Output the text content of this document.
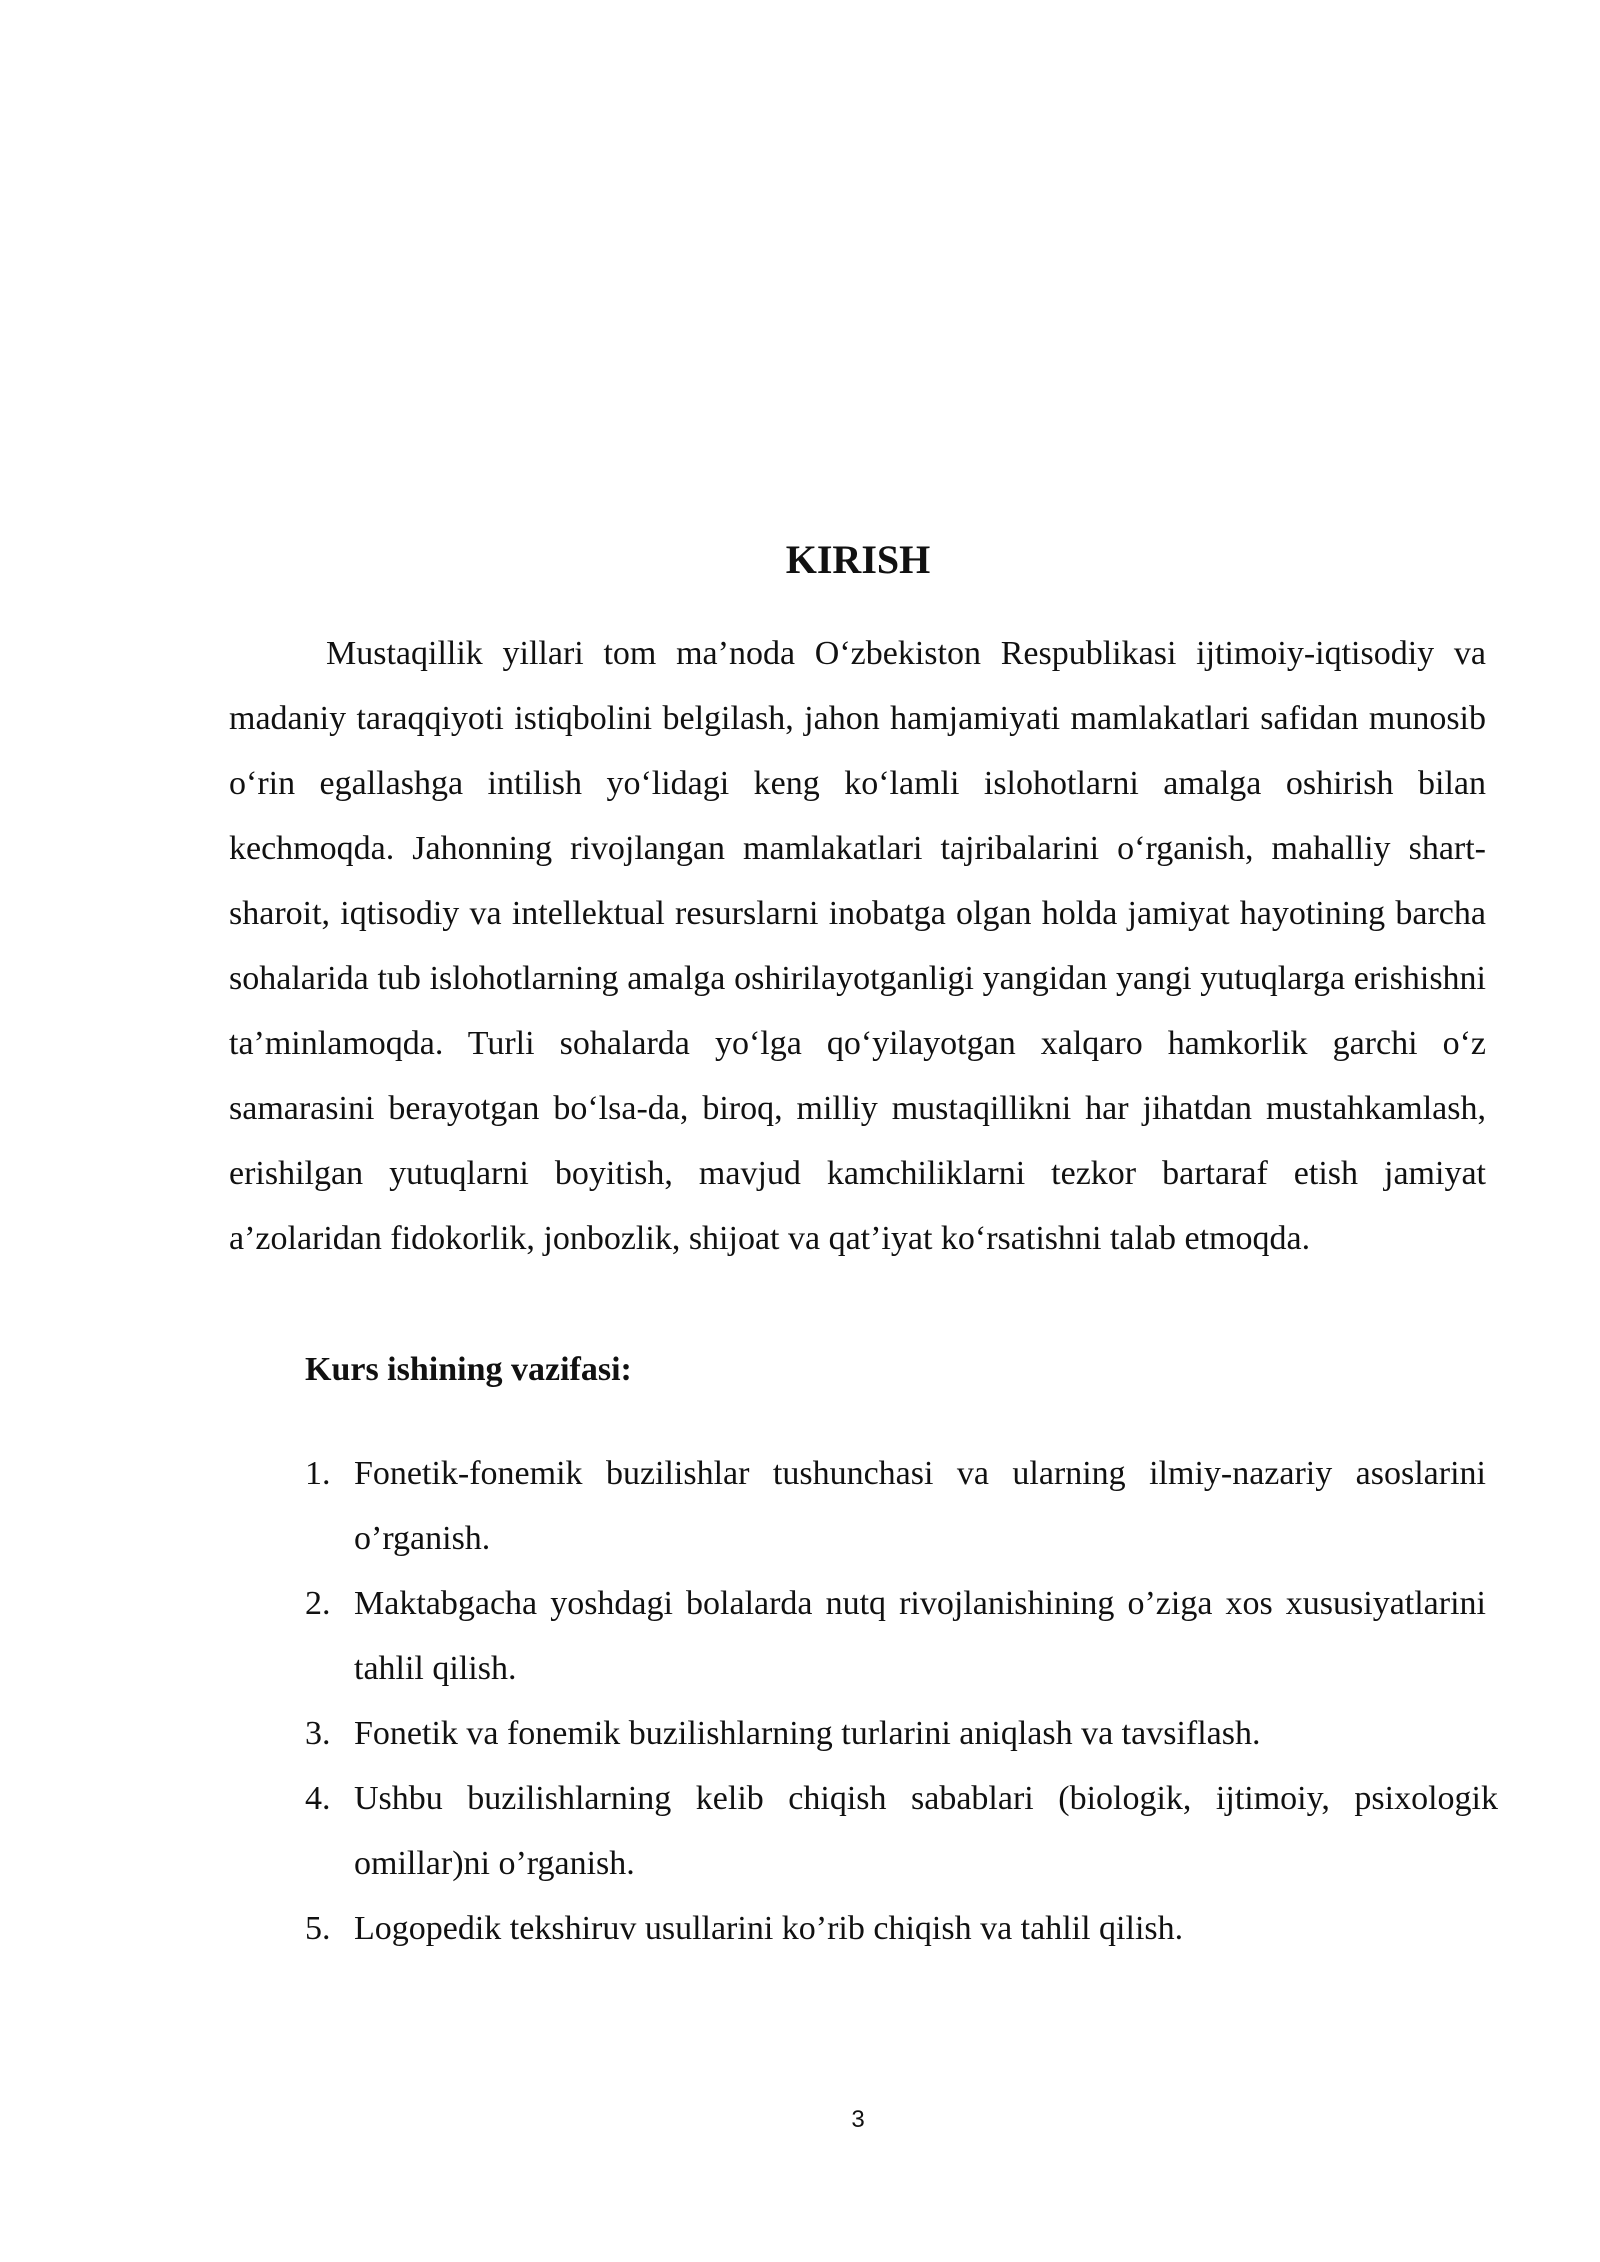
KIRISH

Mustaqillik yillari tom ma’noda O‘zbekiston Respublikasi ijtimoiy-iqtisodiy va madaniy taraqqiyoti istiqbolini belgilash, jahon hamjamiyati mamlakatlari safidan munosib o‘rin egallashga intilish yo‘lidagi keng ko‘lamli islohotlarni amalga oshirish bilan kechmoqda. Jahonning rivojlangan mamlakatlari tajribalarini o‘rganish, mahalliy shart-sharoit, iqtisodiy va intellektual resurslarni inobatga olgan holda jamiyat hayotining barcha sohalarida tub islohotlarning amalga oshirilayotganligi yangidan yangi yutuqlarga erishishni ta’minlamoqda. Turli sohalarda yo‘lga qo‘yilayotgan xalqaro hamkorlik garchi o‘z samarasini berayotgan bo‘lsa-da, biroq, milliy mustaqillikni har jihatdan mustahkamlash, erishilgan yutuqlarni boyitish, mavjud kamchiliklarni tezkor bartaraf etish jamiyat a’zolaridan fidokorlik, jonbozlik, shijoat va qat’iyat ko‘rsatishni talab etmoqda.

Kurs ishining vazifasi:

1. Fonetik-fonemik buzilishlar tushunchasi va ularning ilmiy-nazariy asoslarini o’rganish.
2. Maktabgacha yoshdagi bolalarda nutq rivojlanishining o’ziga xos xususiyatlarini tahlil qilish.
3. Fonetik va fonemik buzilishlarning turlarini aniqlash va tavsiflash.
4. Ushbu buzilishlarning kelib chiqish sabablari (biologik, ijtimoiy, psixologik omillar)ni o’rganish.
5. Logopedik tekshiruv usullarini ko’rib chiqish va tahlil qilish.

3
